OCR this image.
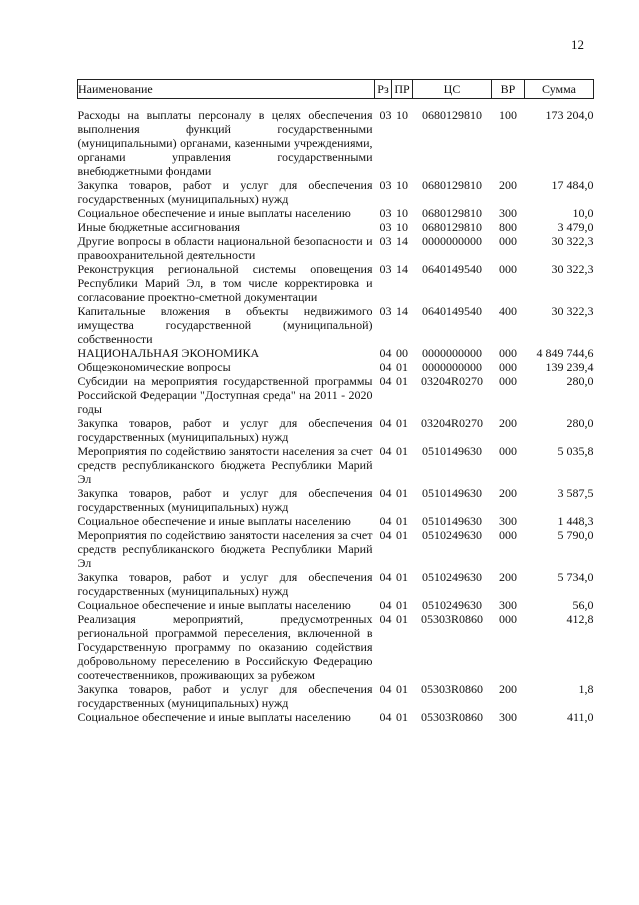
12
Наименование	Рз	ПР	ЦС	ВР	Сумма
Расходы на выплаты персоналу в целях обеспечения выполнения функций государственными (муниципальными) органами, казенными учреждениями, органами управления государственными внебюджетными фондами	03	10	0680129810	100	173 204,0
Закупка товаров, работ и услуг для обеспечения государственных (муниципальных) нужд	03	10	0680129810	200	17 484,0
Социальное обеспечение и иные выплаты населению	03	10	0680129810	300	10,0
Иные бюджетные ассигнования	03	10	0680129810	800	3 479,0
Другие вопросы в области национальной безопасности и правоохранительной деятельности	03	14	0000000000	000	30 322,3
Реконструкция региональной системы оповещения Республики Марий Эл, в том числе корректировка и согласование проектно-сметной документации	03	14	0640149540	000	30 322,3
Капитальные вложения в объекты недвижимого имущества государственной (муниципальной) собственности	03	14	0640149540	400	30 322,3
НАЦИОНАЛЬНАЯ ЭКОНОМИКА	04	00	0000000000	000	4 849 744,6
Общеэкономические вопросы	04	01	0000000000	000	139 239,4
Субсидии на мероприятия государственной программы Российской Федерации "Доступная среда" на 2011 - 2020 годы	04	01	03204R0270	000	280,0
Закупка товаров, работ и услуг для обеспечения государственных (муниципальных) нужд	04	01	03204R0270	200	280,0
Мероприятия по содействию занятости населения за счет средств республиканского бюджета Республики Марий Эл	04	01	0510149630	000	5 035,8
Закупка товаров, работ и услуг для обеспечения государственных (муниципальных) нужд	04	01	0510149630	200	3 587,5
Социальное обеспечение и иные выплаты населению	04	01	0510149630	300	1 448,3
Мероприятия по содействию занятости населения за счет средств республиканского бюджета Республики Марий Эл	04	01	0510249630	000	5 790,0
Закупка товаров, работ и услуг для обеспечения государственных (муниципальных) нужд	04	01	0510249630	200	5 734,0
Социальное обеспечение и иные выплаты населению	04	01	0510249630	300	56,0
Реализация мероприятий, предусмотренных региональной программой переселения, включенной в Государственную программу по оказанию содействия добровольному переселению в Российскую Федерацию соотечественников, проживающих за рубежом	04	01	05303R0860	000	412,8
Закупка товаров, работ и услуг для обеспечения государственных (муниципальных) нужд	04	01	05303R0860	200	1,8
Социальное обеспечение и иные выплаты населению	04	01	05303R0860	300	411,0
